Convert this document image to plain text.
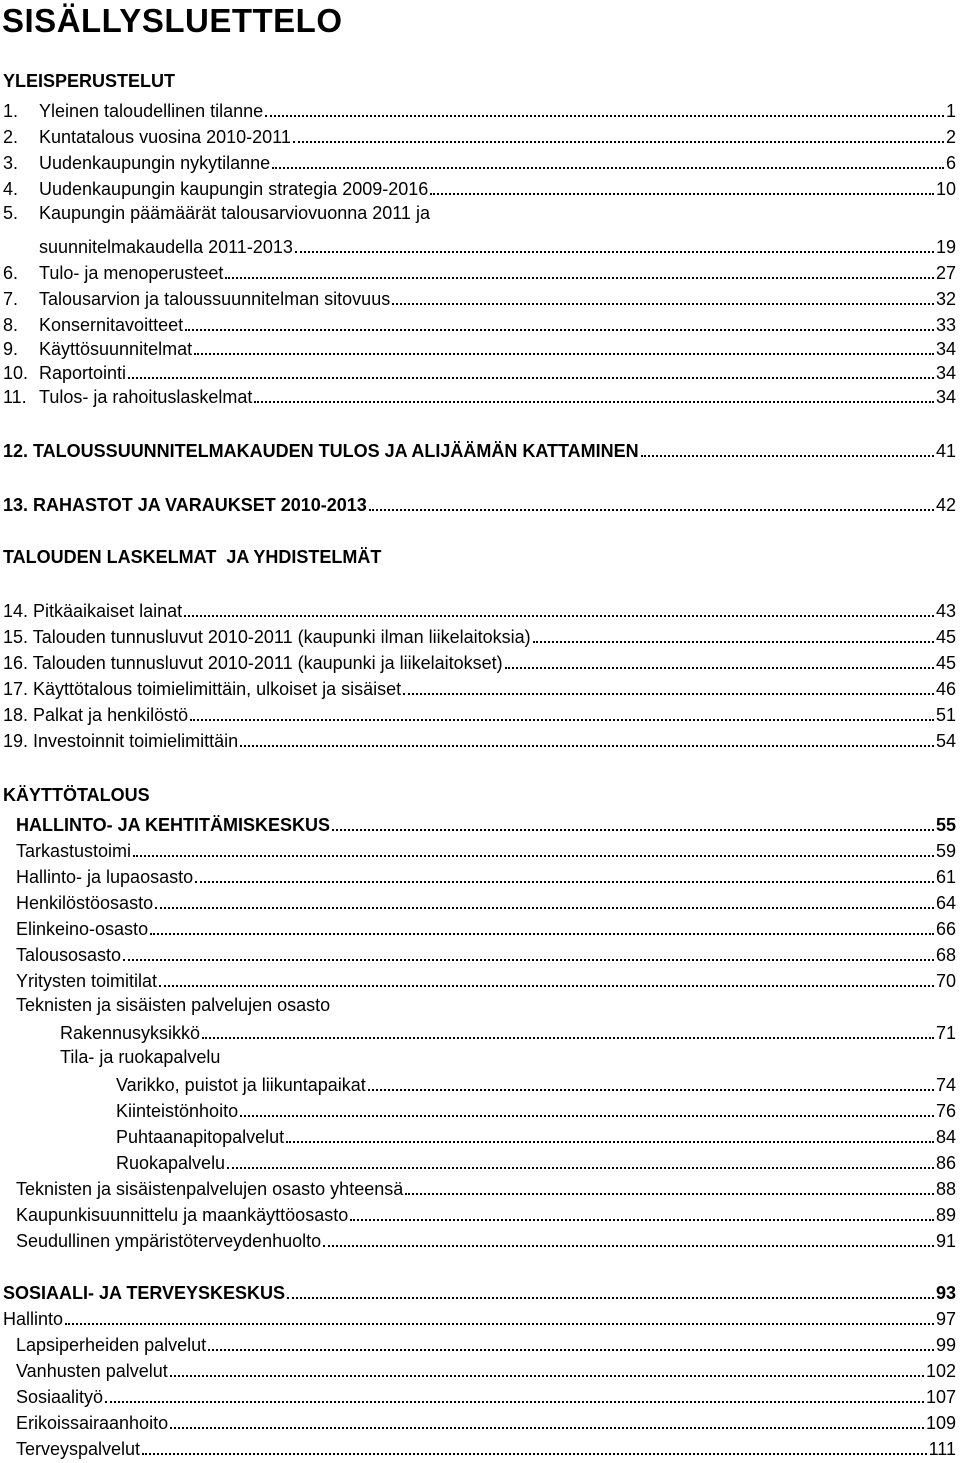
SISÄLLYSLUETTELO
YLEISPERUSTELUT
1.	Yleinen taloudellinen tilanne	1
2.	Kuntatalous vuosina 2010-2011	2
3.	Uudenkaupungin nykytilanne	6
4.	Uudenkaupungin kaupungin strategia 2009-2016	10
5. Kaupungin päämäärät talousarviovuonna 2011 ja
suunnitelmakaudella 2011-2013	19
6.	Tulo- ja menoperusteet	27
7.	Talousarvion ja taloussuunnitelman sitovuus	32
8.	Konsernitavoitteet	33
9.	Käyttösuunnitelmat	34
10. Raportointi	34
11. Tulos- ja rahoituslaskelmat	34
12. TALOUSSUUNNITELMAKAUDEN TULOS JA ALIJÄÄMÄN KATTAMINEN	41
13. RAHASTOT JA VARAUKSET 2010-2013	42
TALOUDEN LASKELMAT  JA YHDISTELMÄT
14. Pitkäaikaiset lainat	43
15. Talouden tunnusluvut 2010-2011 (kaupunki ilman liikelaitoksia)	45
16. Talouden tunnusluvut 2010-2011 (kaupunki ja liikelaitokset)	45
17. Käyttötalous toimielimittäin, ulkoiset ja sisäiset	46
18. Palkat ja henkilöstö	51
19. Investoinnit toimielimittäin	54
KÄYTTÖTALOUS
HALLINTO- JA KEHTITÄMISKESKUS	55
Tarkastustoimi	59
Hallinto- ja lupaosasto	61
Henkilöstöosasto	64
Elinkeino-osasto	66
Talousosasto	68
Yritysten toimitilat	70
Teknisten ja sisäisten palvelujen osasto
Rakennusyksikkö	71
Tila- ja ruokapalvelu
Varikko, puistot ja liikuntapaikat	74
Kiinteistönhoito	76
Puhtaanapitopalvelut	84
Ruokapalvelu	86
Teknisten ja sisäistenpalvelujen osasto yhteensä	88
Kaupunkisuunnittelu ja maankäyttöosasto	89
Seudullinen ympäristöterveydenhuolto	91
SOSIAALI- JA TERVEYSKESKUS	93
Hallinto	97
Lapsiperheiden palvelut	99
Vanhusten palvelut	102
Sosiaalityö	107
Erikoissairaanhoito	109
Terveyspalvelut	111
